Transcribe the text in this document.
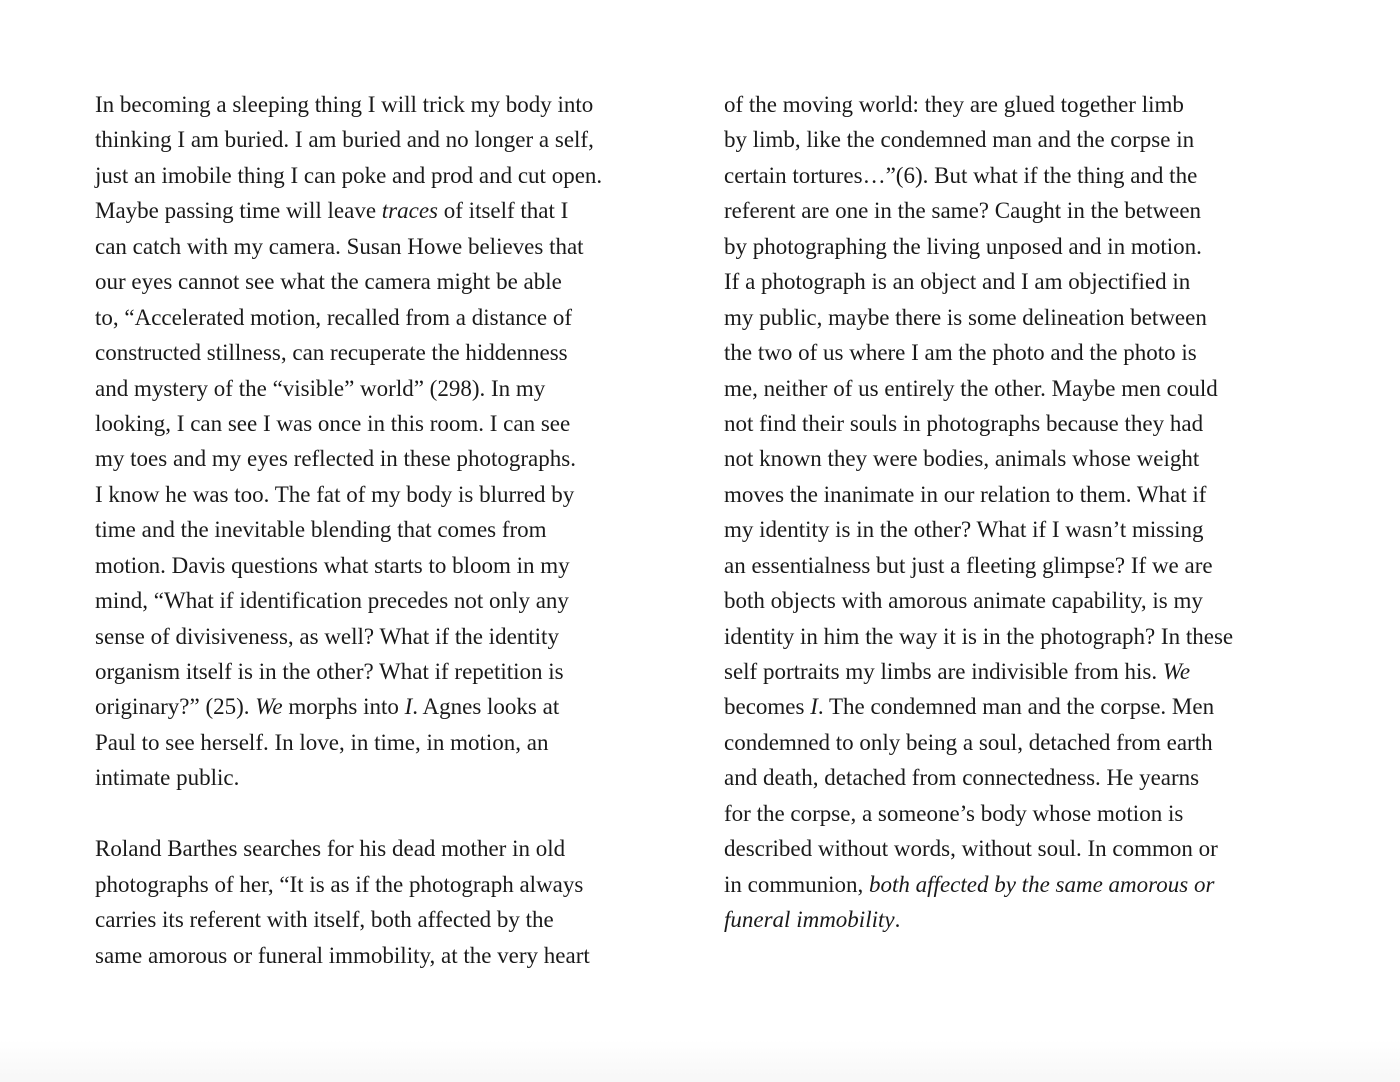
In becoming a sleeping thing I will trick my body into
thinking I am buried. I am buried and no longer a self,
just an imobile thing I can poke and prod and cut open.
Maybe passing time will leave traces of itself that I
can catch with my camera. Susan Howe believes that
our eyes cannot see what the camera might be able
to, “Accelerated motion, recalled from a distance of
constructed stillness, can recuperate the hiddenness
and mystery of the “visible” world” (298). In my
looking, I can see I was once in this room. I can see
my toes and my eyes reflected in these photographs.
I know he was too. The fat of my body is blurred by
time and the inevitable blending that comes from
motion. Davis questions what starts to bloom in my
mind, “What if identification precedes not only any
sense of divisiveness, as well? What if the identity
organism itself is in the other? What if repetition is
originary?” (25). We morphs into I. Agnes looks at
Paul to see herself. In love, in time, in motion, an
intimate public.
Roland Barthes searches for his dead mother in old
photographs of her, “It is as if the photograph always
carries its referent with itself, both affected by the
same amorous or funeral immobility, at the very heart
of the moving world: they are glued together limb
by limb, like the condemned man and the corpse in
certain tortures…”(6). But what if the thing and the
referent are one in the same? Caught in the between
by photographing the living unposed and in motion.
If a photograph is an object and I am objectified in
my public, maybe there is some delineation between
the two of us where I am the photo and the photo is
me, neither of us entirely the other. Maybe men could
not find their souls in photographs because they had
not known they were bodies, animals whose weight
moves the inanimate in our relation to them. What if
my identity is in the other? What if I wasn’t missing
an essentialness but just a fleeting glimpse? If we are
both objects with amorous animate capability, is my
identity in him the way it is in the photograph? In these
self portraits my limbs are indivisible from his. We
becomes I. The condemned man and the corpse. Men
condemned to only being a soul, detached from earth
and death, detached from connectedness. He yearns
for the corpse, a someone’s body whose motion is
described without words, without soul. In common or
in communion, both affected by the same amorous or
funeral immobility.
